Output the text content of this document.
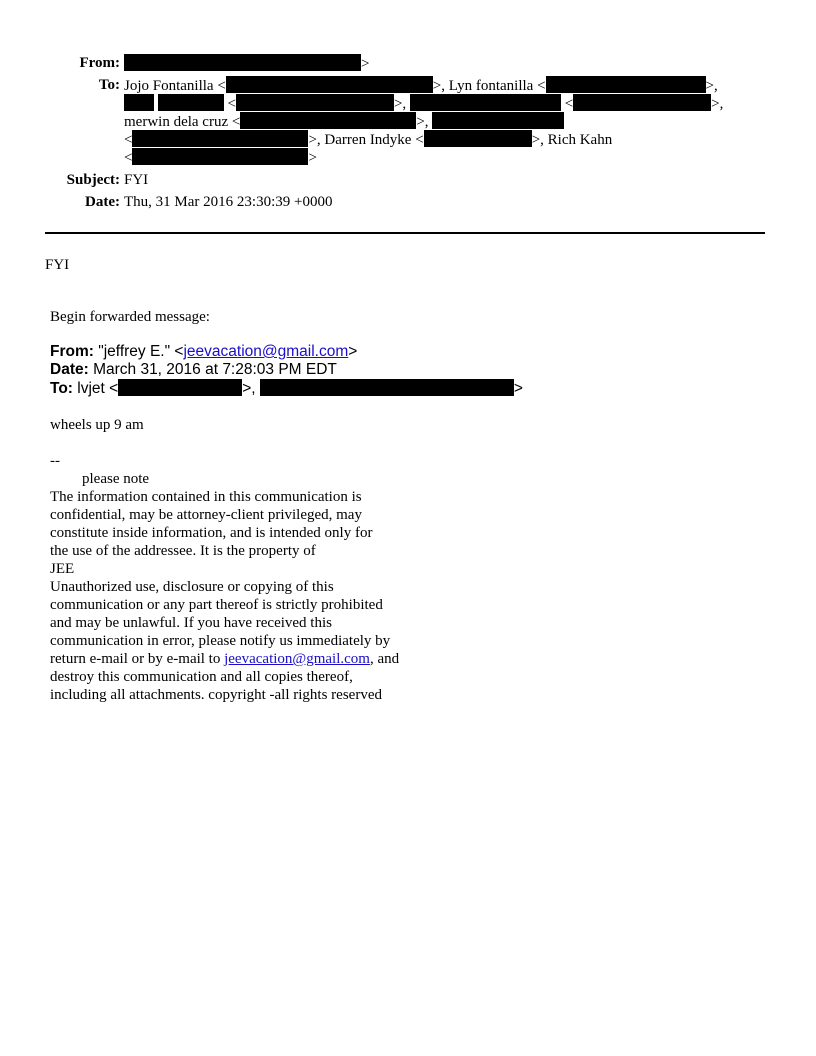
From:	>
To: Jojo Fontanilla <	>, Lyn fontanilla <	>,
<	>,	<	>,
merwin dela cruz <	>,
<	>, Darren Indyke <	>, Rich Kahn
<	>
Subject: FYI
Date: Thu, 31 Mar 2016 23:30:39 +0000
FYI
Begin forwarded message:
From: "jeffrey E." <jeevacation@gmail.com>
Date: March 31, 2016 at 7:28:03 PM EDT
To: lvjet <	>,	>
wheels up 9 am
--
please note
The information contained in this communication is
confidential, may be attorney-client privileged, may
constitute inside information, and is intended only for
the use of the addressee. It is the property of
JEE
Unauthorized use, disclosure or copying of this
communication or any part thereof is strictly prohibited
and may be unlawful. If you have received this
communication in error, please notify us immediately by
return e-mail or by e-mail to jeevacation@gmail.com, and
destroy this communication and all copies thereof,
including all attachments. copyright -all rights reserved
